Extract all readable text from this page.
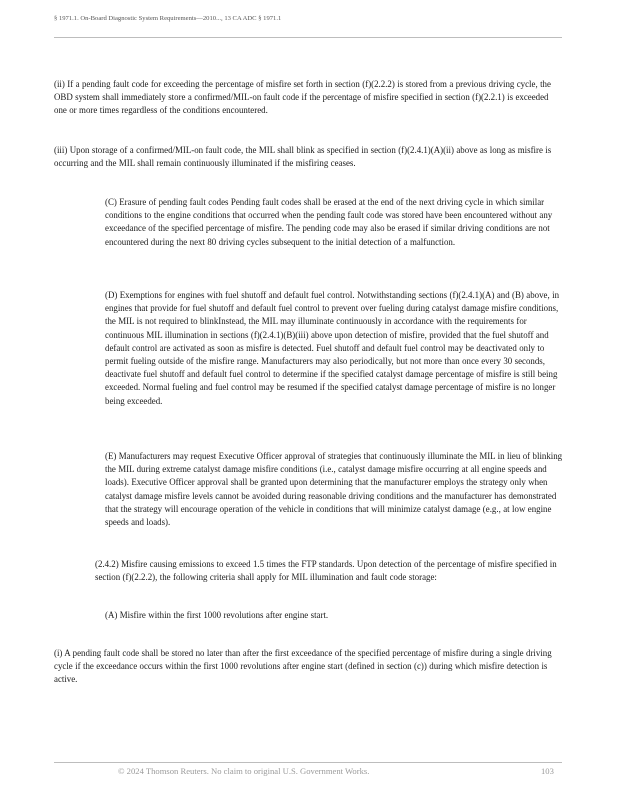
§ 1971.1. On-Board Diagnostic System Requirements—2010..., 13 CA ADC § 1971.1

(ii) If a pending fault code for exceeding the percentage of misfire set forth in section (f)(2.2.2) is stored from a previous driving cycle, the OBD system shall immediately store a confirmed/MIL-on fault code if the percentage of misfire specified in section (f)(2.2.1) is exceeded one or more times regardless of the conditions encountered.

(iii) Upon storage of a confirmed/MIL-on fault code, the MIL shall blink as specified in section (f)(2.4.1)(A)(ii) above as long as misfire is occurring and the MIL shall remain continuously illuminated if the misfiring ceases.

(C) Erasure of pending fault codes Pending fault codes shall be erased at the end of the next driving cycle in which similar conditions to the engine conditions that occurred when the pending fault code was stored have been encountered without any exceedance of the specified percentage of misfire. The pending code may also be erased if similar driving conditions are not encountered during the next 80 driving cycles subsequent to the initial detection of a malfunction.

(D) Exemptions for engines with fuel shutoff and default fuel control. Notwithstanding sections (f)(2.4.1)(A) and (B) above, in engines that provide for fuel shutoff and default fuel control to prevent over fueling during catalyst damage misfire conditions, the MIL is not required to blinkInstead, the MIL may illuminate continuously in accordance with the requirements for continuous MIL illumination in sections (f)(2.4.1)(B)(iii) above upon detection of misfire, provided that the fuel shutoff and default control are activated as soon as misfire is detected. Fuel shutoff and default fuel control may be deactivated only to permit fueling outside of the misfire range. Manufacturers may also periodically, but not more than once every 30 seconds, deactivate fuel shutoff and default fuel control to determine if the specified catalyst damage percentage of misfire is still being exceeded. Normal fueling and fuel control may be resumed if the specified catalyst damage percentage of misfire is no longer being exceeded.

(E) Manufacturers may request Executive Officer approval of strategies that continuously illuminate the MIL in lieu of blinking the MIL during extreme catalyst damage misfire conditions (i.e., catalyst damage misfire occurring at all engine speeds and loads). Executive Officer approval shall be granted upon determining that the manufacturer employs the strategy only when catalyst damage misfire levels cannot be avoided during reasonable driving conditions and the manufacturer has demonstrated that the strategy will encourage operation of the vehicle in conditions that will minimize catalyst damage (e.g., at low engine speeds and loads).

(2.4.2) Misfire causing emissions to exceed 1.5 times the FTP standards. Upon detection of the percentage of misfire specified in section (f)(2.2.2), the following criteria shall apply for MIL illumination and fault code storage:

(A) Misfire within the first 1000 revolutions after engine start.

(i) A pending fault code shall be stored no later than after the first exceedance of the specified percentage of misfire during a single driving cycle if the exceedance occurs within the first 1000 revolutions after engine start (defined in section (c)) during which misfire detection is active.

© 2024 Thomson Reuters. No claim to original U.S. Government Works.	103
